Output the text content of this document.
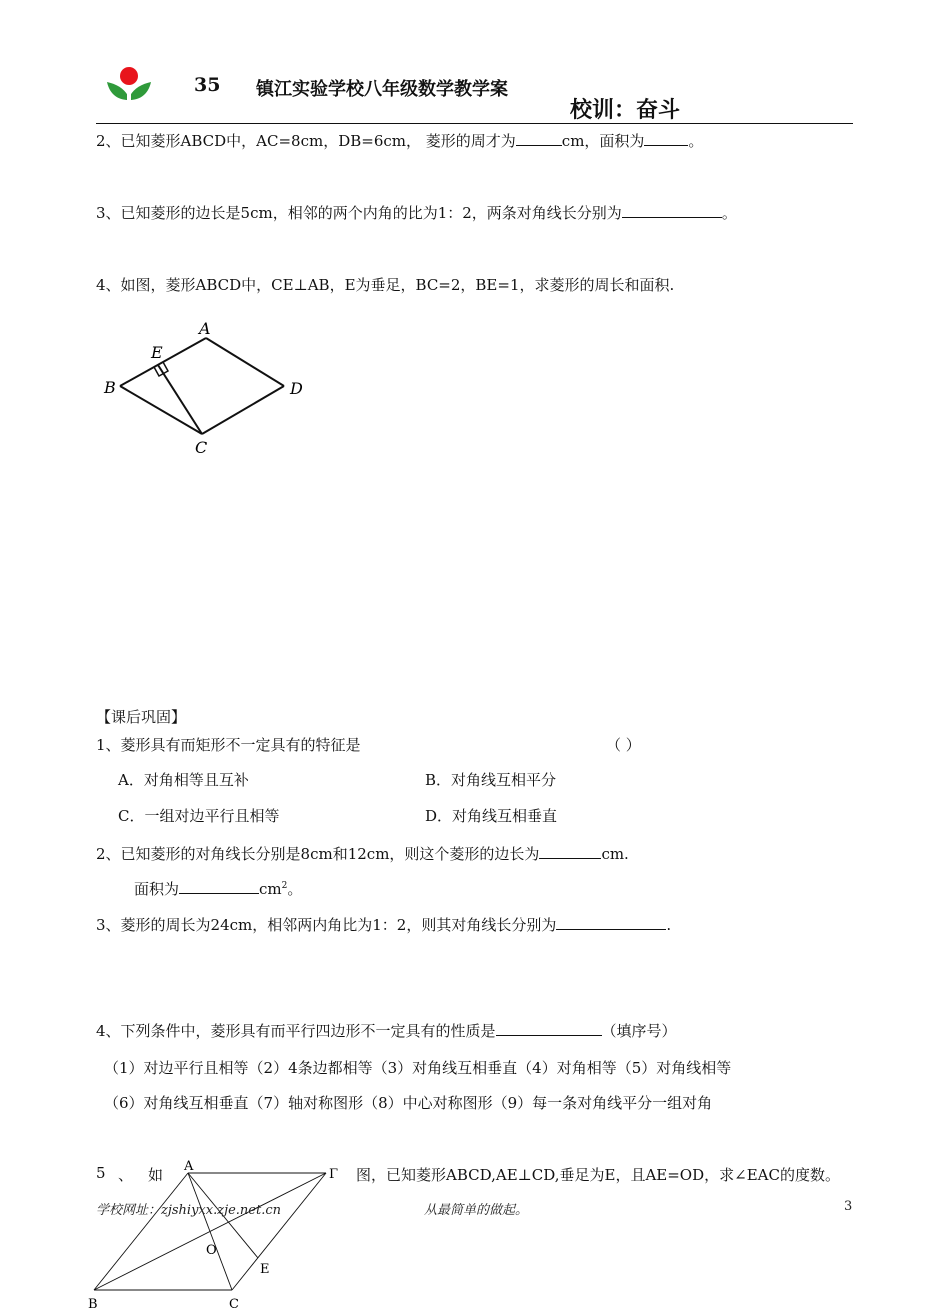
35 镇江实验学校八年级数学教学案
校训：奋斗
2、已知菱形ABCD中，AC=8cm，DB=6cm， 菱形的周才为	cm，面积为	。
3、已知菱形的边长是5cm，相邻的两个内角的比为1：2，两条对角线长分别为	。
4、如图，菱形ABCD中，CE⊥AB，E为垂足，BC=2，BE=1，求菱形的周长和面积.
A
B
C
D
E
【课后巩固】
1、菱形具有而矩形不一定具有的特征是	（ ）
A．对角相等且互补	B．对角线互相平分
C．一组对边平行且相等	D．对角线互相垂直
2、已知菱形的对角线长分别是8cm和12cm，则这个菱形的边长为	cm.
面积为	$cm^2$。
3、菱形的周长为24cm，相邻两内角比为1：2，则其对角线长分别为	.
4、下列条件中，菱形具有而平行四边形不一定具有的性质是	（填序号）
（1）对边平行且相等（2）4条边都相等（3）对角线互相垂直（4）对角相等（5）对角线相等
（6）对角线互相垂直（7）轴对称图形（8）中心对称图形（9）每一条对角线平分一组对角
5 、 如	图，已知菱形ABCD,AE⊥CD,垂足为E，且AE=OD，求∠EAC的度数。
A
Γ
O
E
B	C
学校网址：zjshiyxx.zje.net.cn	从最简单的做起。	3
